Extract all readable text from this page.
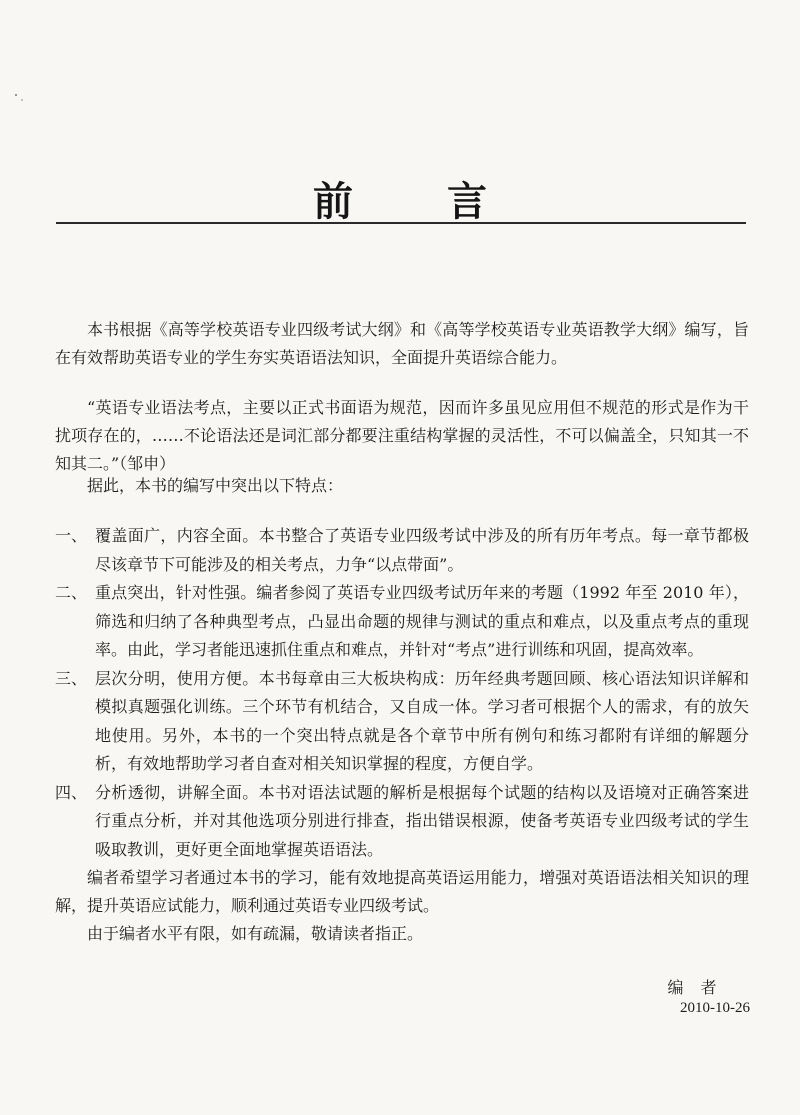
前 言

本书根据《高等学校英语专业四级考试大纲》和《高等学校英语专业英语教学大纲》编写，旨在有效帮助英语专业的学生夯实英语语法知识，全面提升英语综合能力。

“英语专业语法考点，主要以正式书面语为规范，因而许多虽见应用但不规范的形式是作为干扰项存在的，……不论语法还是词汇部分都要注重结构掌握的灵活性，不可以偏盖全，只知其一不知其二。”（邹申）

据此，本书的编写中突出以下特点：

一、 覆盖面广，内容全面。本书整合了英语专业四级考试中涉及的所有历年考点。每一章节都极尽该章节下可能涉及的相关考点，力争“以点带面”。
二、 重点突出，针对性强。编者参阅了英语专业四级考试历年来的考题（1992 年至 2010 年），筛选和归纳了各种典型考点，凸显出命题的规律与测试的重点和难点，以及重点考点的重现率。由此，学习者能迅速抓住重点和难点，并针对“考点”进行训练和巩固，提高效率。
三、 层次分明，使用方便。本书每章由三大板块构成：历年经典考题回顾、核心语法知识详解和模拟真题强化训练。三个环节有机结合，又自成一体。学习者可根据个人的需求，有的放矢地使用。另外，本书的一个突出特点就是各个章节中所有例句和练习都附有详细的解题分析，有效地帮助学习者自查对相关知识掌握的程度，方便自学。
四、 分析透彻，讲解全面。本书对语法试题的解析是根据每个试题的结构以及语境对正确答案进行重点分析，并对其他选项分别进行排查，指出错误根源，使备考英语专业四级考试的学生吸取教训，更好更全面地掌握英语语法。

编者希望学习者通过本书的学习，能有效地提高英语运用能力，增强对英语语法相关知识的理解，提升英语应试能力，顺利通过英语专业四级考试。

由于编者水平有限，如有疏漏，敬请读者指正。

编 者
2010-10-26
